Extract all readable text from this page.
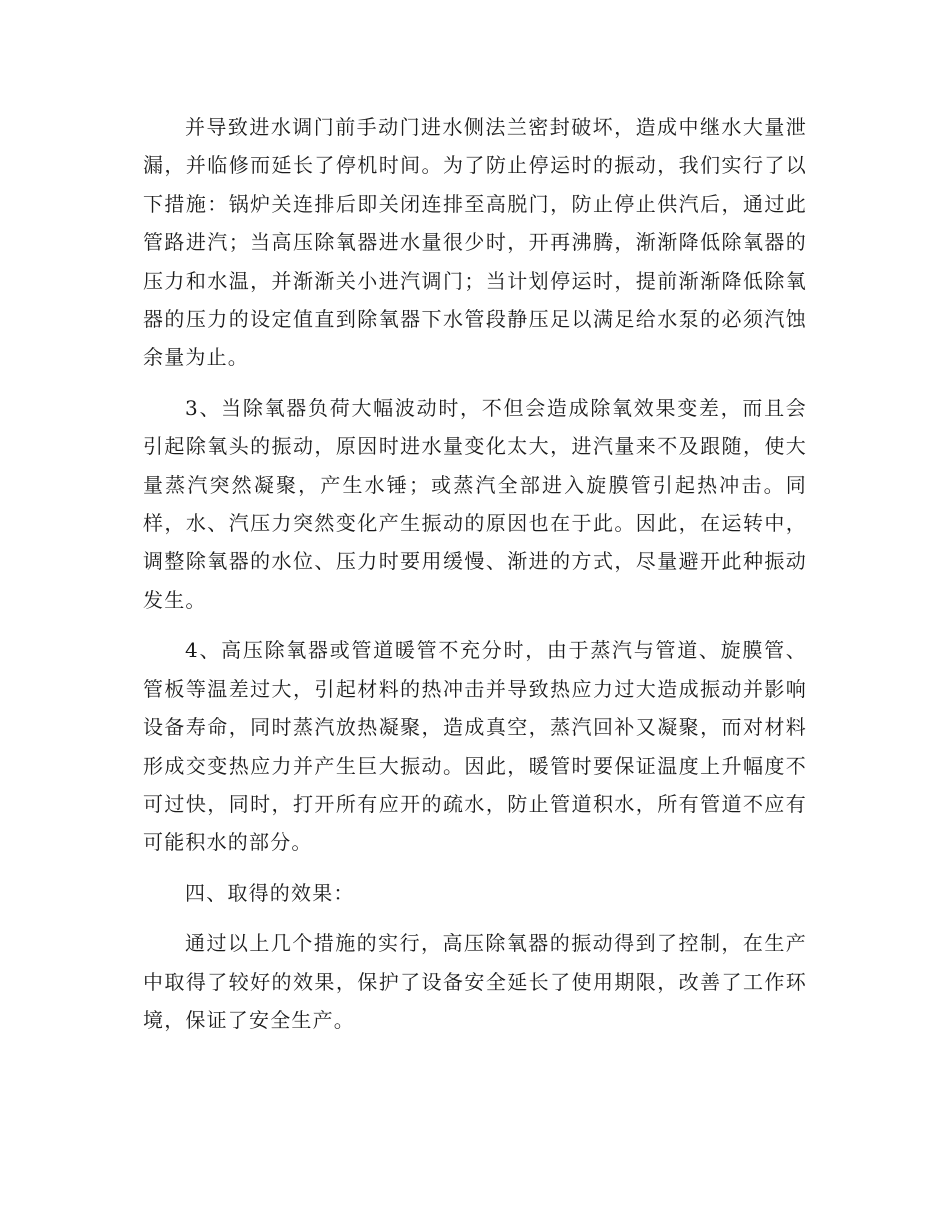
并导致进水调门前手动门进水侧法兰密封破坏，造成中继水大量泄漏，并临修而延长了停机时间。为了防止停运时的振动，我们实行了以下措施：锅炉关连排后即关闭连排至高脱门，防止停止供汽后，通过此管路进汽；当高压除氧器进水量很少时，开再沸腾，渐渐降低除氧器的压力和水温，并渐渐关小进汽调门；当计划停运时，提前渐渐降低除氧器的压力的设定值直到除氧器下水管段静压足以满足给水泵的必须汽蚀余量为止。

3、当除氧器负荷大幅波动时，不但会造成除氧效果变差，而且会引起除氧头的振动，原因时进水量变化太大，进汽量来不及跟随，使大量蒸汽突然凝聚，产生水锤；或蒸汽全部进入旋膜管引起热冲击。同样，水、汽压力突然变化产生振动的原因也在于此。因此，在运转中，调整除氧器的水位、压力时要用缓慢、渐进的方式，尽量避开此种振动发生。

4、高压除氧器或管道暖管不充分时，由于蒸汽与管道、旋膜管、管板等温差过大，引起材料的热冲击并导致热应力过大造成振动并影响设备寿命，同时蒸汽放热凝聚，造成真空，蒸汽回补又凝聚，而对材料形成交变热应力并产生巨大振动。因此，暖管时要保证温度上升幅度不可过快，同时，打开所有应开的疏水，防止管道积水，所有管道不应有可能积水的部分。

四、取得的效果：

通过以上几个措施的实行，高压除氧器的振动得到了控制，在生产中取得了较好的效果，保护了设备安全延长了使用期限，改善了工作环境，保证了安全生产。
